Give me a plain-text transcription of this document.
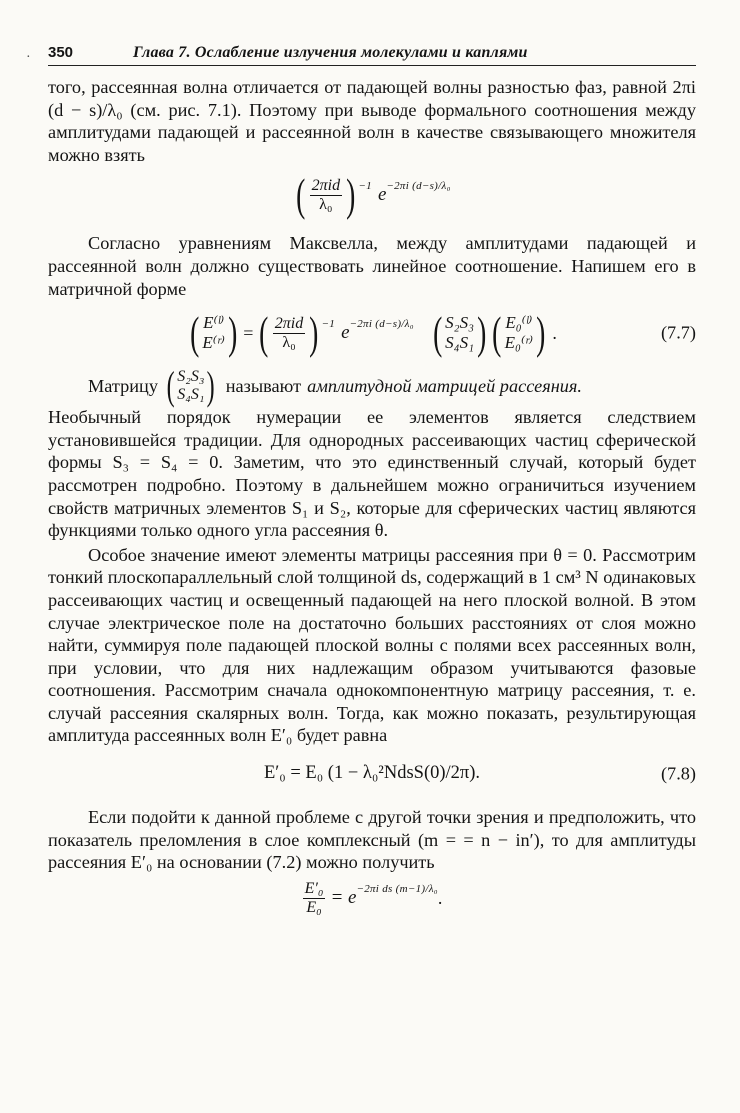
· 350	Глава 7. Ослабление излучения молекулами и каплями

того, рассеянная волна отличается от падающей волны разностью фаз, равной 2πi (d − s)/λ₀ (см. рис. 7.1). Поэтому при выводе формального соотношения между амплитудами падающей и рассеянной волн в качестве связывающего множителя можно взять

( $\frac{\text{2πid}}{\text{λ₀}}$ ) −1 e −2πi (d−s)/λ₀

Согласно уравнениям Максвелла, между амплитудами падающей и рассеянной волн должно существовать линейное соотношение. Напишем его в матричной форме

( E⁽ˡ⁾
E⁽ʳ⁾ ) = ( $\frac{\text{2πid}}{\text{λ₀}}$ ) −1 e −2πi (d−s)/λ₀ ( S₂S₃
S₄S₁ ) ( E₀⁽ˡ⁾
E₀⁽ʳ⁾ ) .	(7.7)
Матрицу ( S₂S₃
S₄S₁ ) называют амплитудной матрицей рассеяния.

Необычный порядок нумерации ее элементов является следствием установившейся традиции. Для однородных рассеивающих частиц сферической формы S₃ = S₄ = 0. Заметим, что это единственный случай, который будет рассмотрен подробно. Поэтому в дальнейшем можно ограничиться изучением свойств матричных элементов S₁ и S₂, которые для сферических частиц являются функциями только одного угла рассеяния θ.

Особое значение имеют элементы матрицы рассеяния при θ = 0. Рассмотрим тонкий плоскопараллельный слой толщиной ds, содержащий в 1 см³ N одинаковых рассеивающих частиц и освещенный падающей на него плоской волной. В этом случае электрическое поле на достаточно больших расстояниях от слоя можно найти, суммируя поле падающей плоской волны с полями всех рассеянных волн, при условии, что для них надлежащим образом учитываются фазовые соотношения. Рассмотрим сначала однокомпонентную матрицу рассеяния, т. е. случай рассеяния скалярных волн. Тогда, как можно показать, результирующая амплитуда рассеянных волн E′₀ будет равна

E′₀ = E₀ (1 − λ₀²NdsS(0)/2π).	(7.8)

Если подойти к данной проблеме с другой точки зрения и предположить, что показатель преломления в слое комплексный (m = = n − in′), то для амплитуды рассеяния E′₀ на основании (7.2) можно получить

$\frac{\text{E′₀}}{\text{E₀}} = e -2\pi i$ ds (m−1)/λ₀ .
